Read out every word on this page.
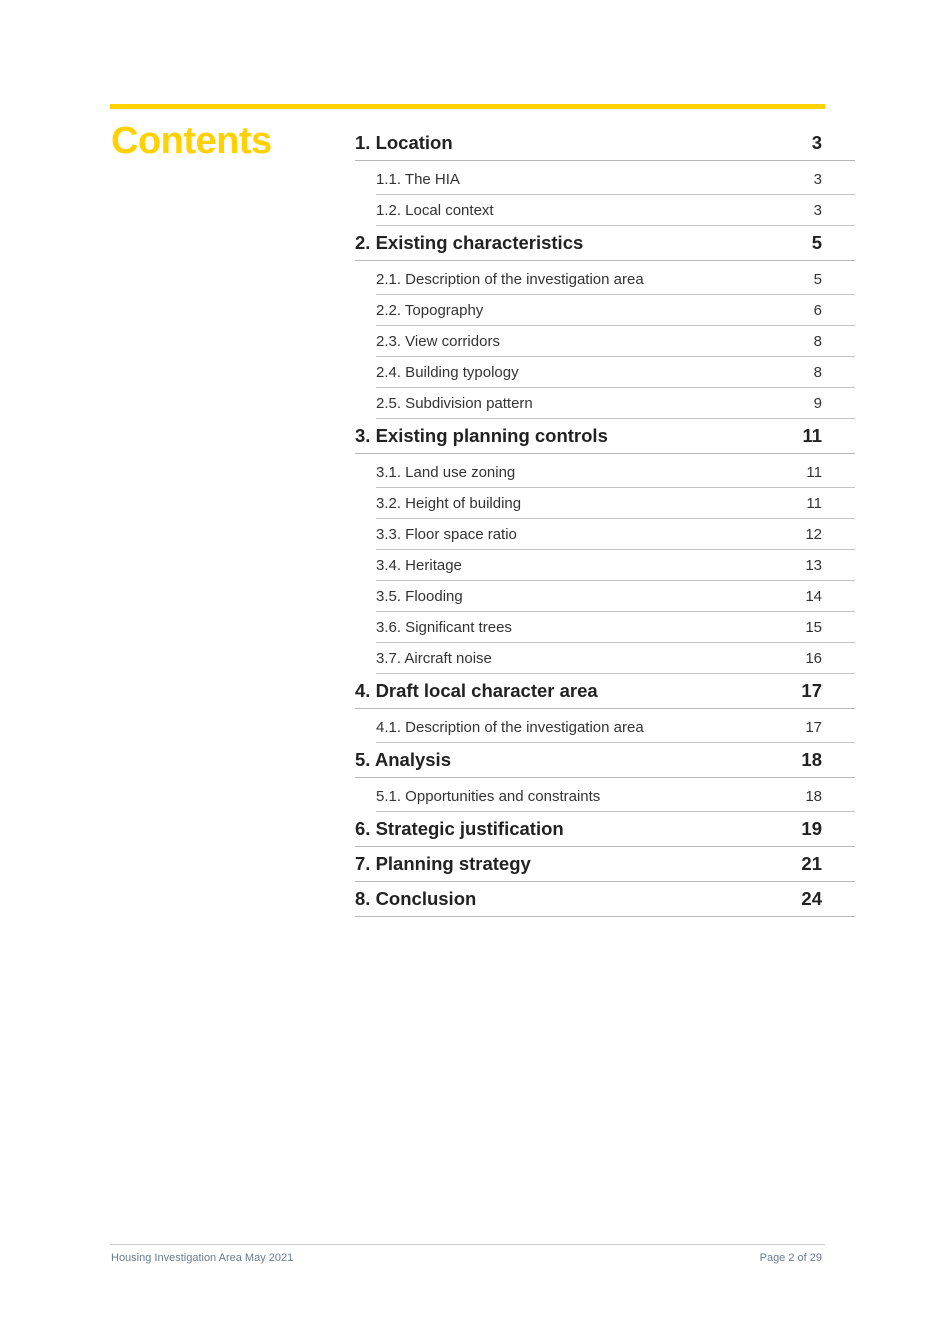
Contents	1. Location	3
1.1. The HIA	3
1.2. Local context	3
2. Existing characteristics	5
2.1. Description of the investigation area	5
2.2. Topography	6
2.3. View corridors	8
2.4. Building typology	8
2.5. Subdivision pattern	9
3. Existing planning controls	11
3.1. Land use zoning	11
3.2. Height of building	11
3.3. Floor space ratio	12
3.4. Heritage	13
3.5. Flooding	14
3.6. Significant trees	15
3.7. Aircraft noise	16
4. Draft local character area	17
4.1. Description of the investigation area	17
5. Analysis	18
5.1. Opportunities and constraints	18
6. Strategic justification	19
7. Planning strategy	21
8. Conclusion	24
Housing Investigation Area May 2021	Page 2 of 29
